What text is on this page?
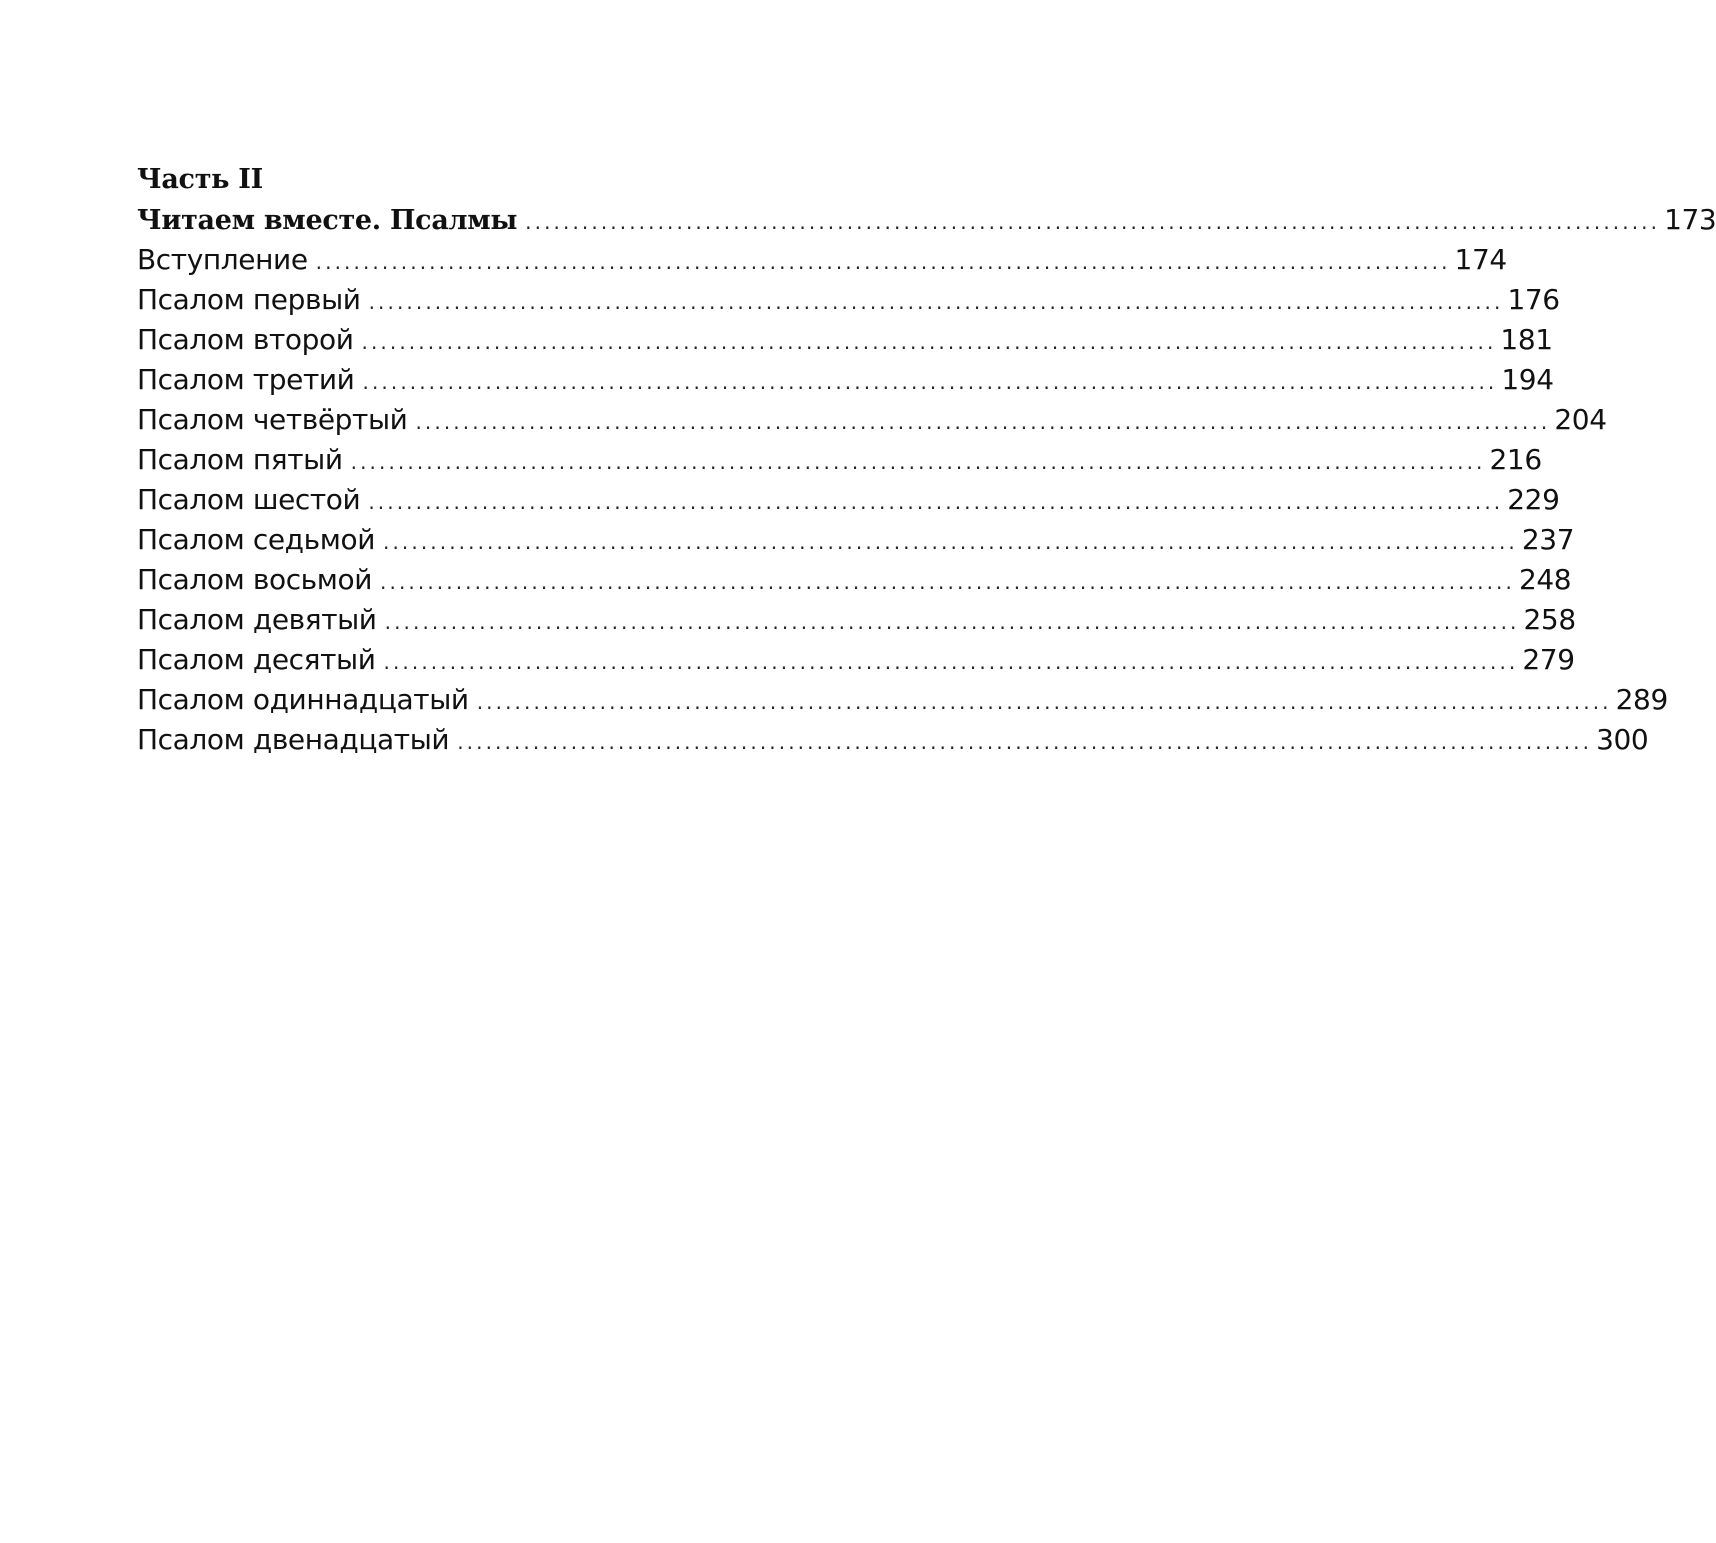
Часть II
Читаем вместе. Псалмы ........................................................................................................................ 173
Вступление ........................................................................................................................ 174
Псалом первый ........................................................................................................................ 176
Псалом второй ........................................................................................................................ 181
Псалом третий ........................................................................................................................ 194
Псалом четвёртый ........................................................................................................................ 204
Псалом пятый ........................................................................................................................ 216
Псалом шестой ........................................................................................................................ 229
Псалом седьмой ........................................................................................................................ 237
Псалом восьмой ........................................................................................................................ 248
Псалом девятый ........................................................................................................................ 258
Псалом десятый ........................................................................................................................ 279
Псалом одиннадцатый ........................................................................................................................ 289
Псалом двенадцатый ........................................................................................................................ 300
